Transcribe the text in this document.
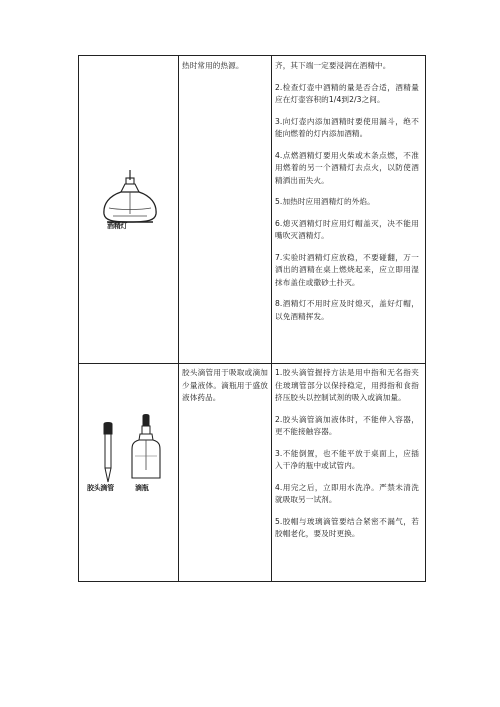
酒精灯
热时常用的热源。	齐，其下端一定要浸润在酒精中。

2.检查灯壶中酒精的量是否合适，酒精量应在灯壶容积的1/4到2/3之间。

3.向灯壶内添加酒精时要使用漏斗，绝不能向燃着的灯内添加酒精。

4.点燃酒精灯要用火柴或木条点燃，不准用燃着的另一个酒精灯去点火，以防使酒精洒出而失火。

5.加热时应用酒精灯的外焰。

6.熄灭酒精灯时应用灯帽盖灭，决不能用嘴吹灭酒精灯。

7.实验时酒精灯应放稳，不要碰翻，万一洒出的酒精在桌上燃烧起来，应立即用湿抹布盖住或撒砂土扑灭。

8.酒精灯不用时应及时熄灭，盖好灯帽，以免酒精挥发。

胶头滴管	滴瓶
胶头滴管用于吸取或滴加少量液体。滴瓶用于盛放液体药品。

1.胶头滴管握持方法是用中指和无名指夹住玻璃管部分以保持稳定，用拇指和食指挤压胶头以控制试剂的吸入或滴加量。

2.胶头滴管滴加液体时，不能伸入容器，更不能接触容器。

3.不能倒置，也不能平放于桌面上，应插入干净的瓶中或试管内。

4.用完之后，立即用水洗净。严禁未清洗就吸取另一试剂。

5.胶帽与玻璃滴管要结合紧密不漏气，若胶帽老化，要及时更换。
